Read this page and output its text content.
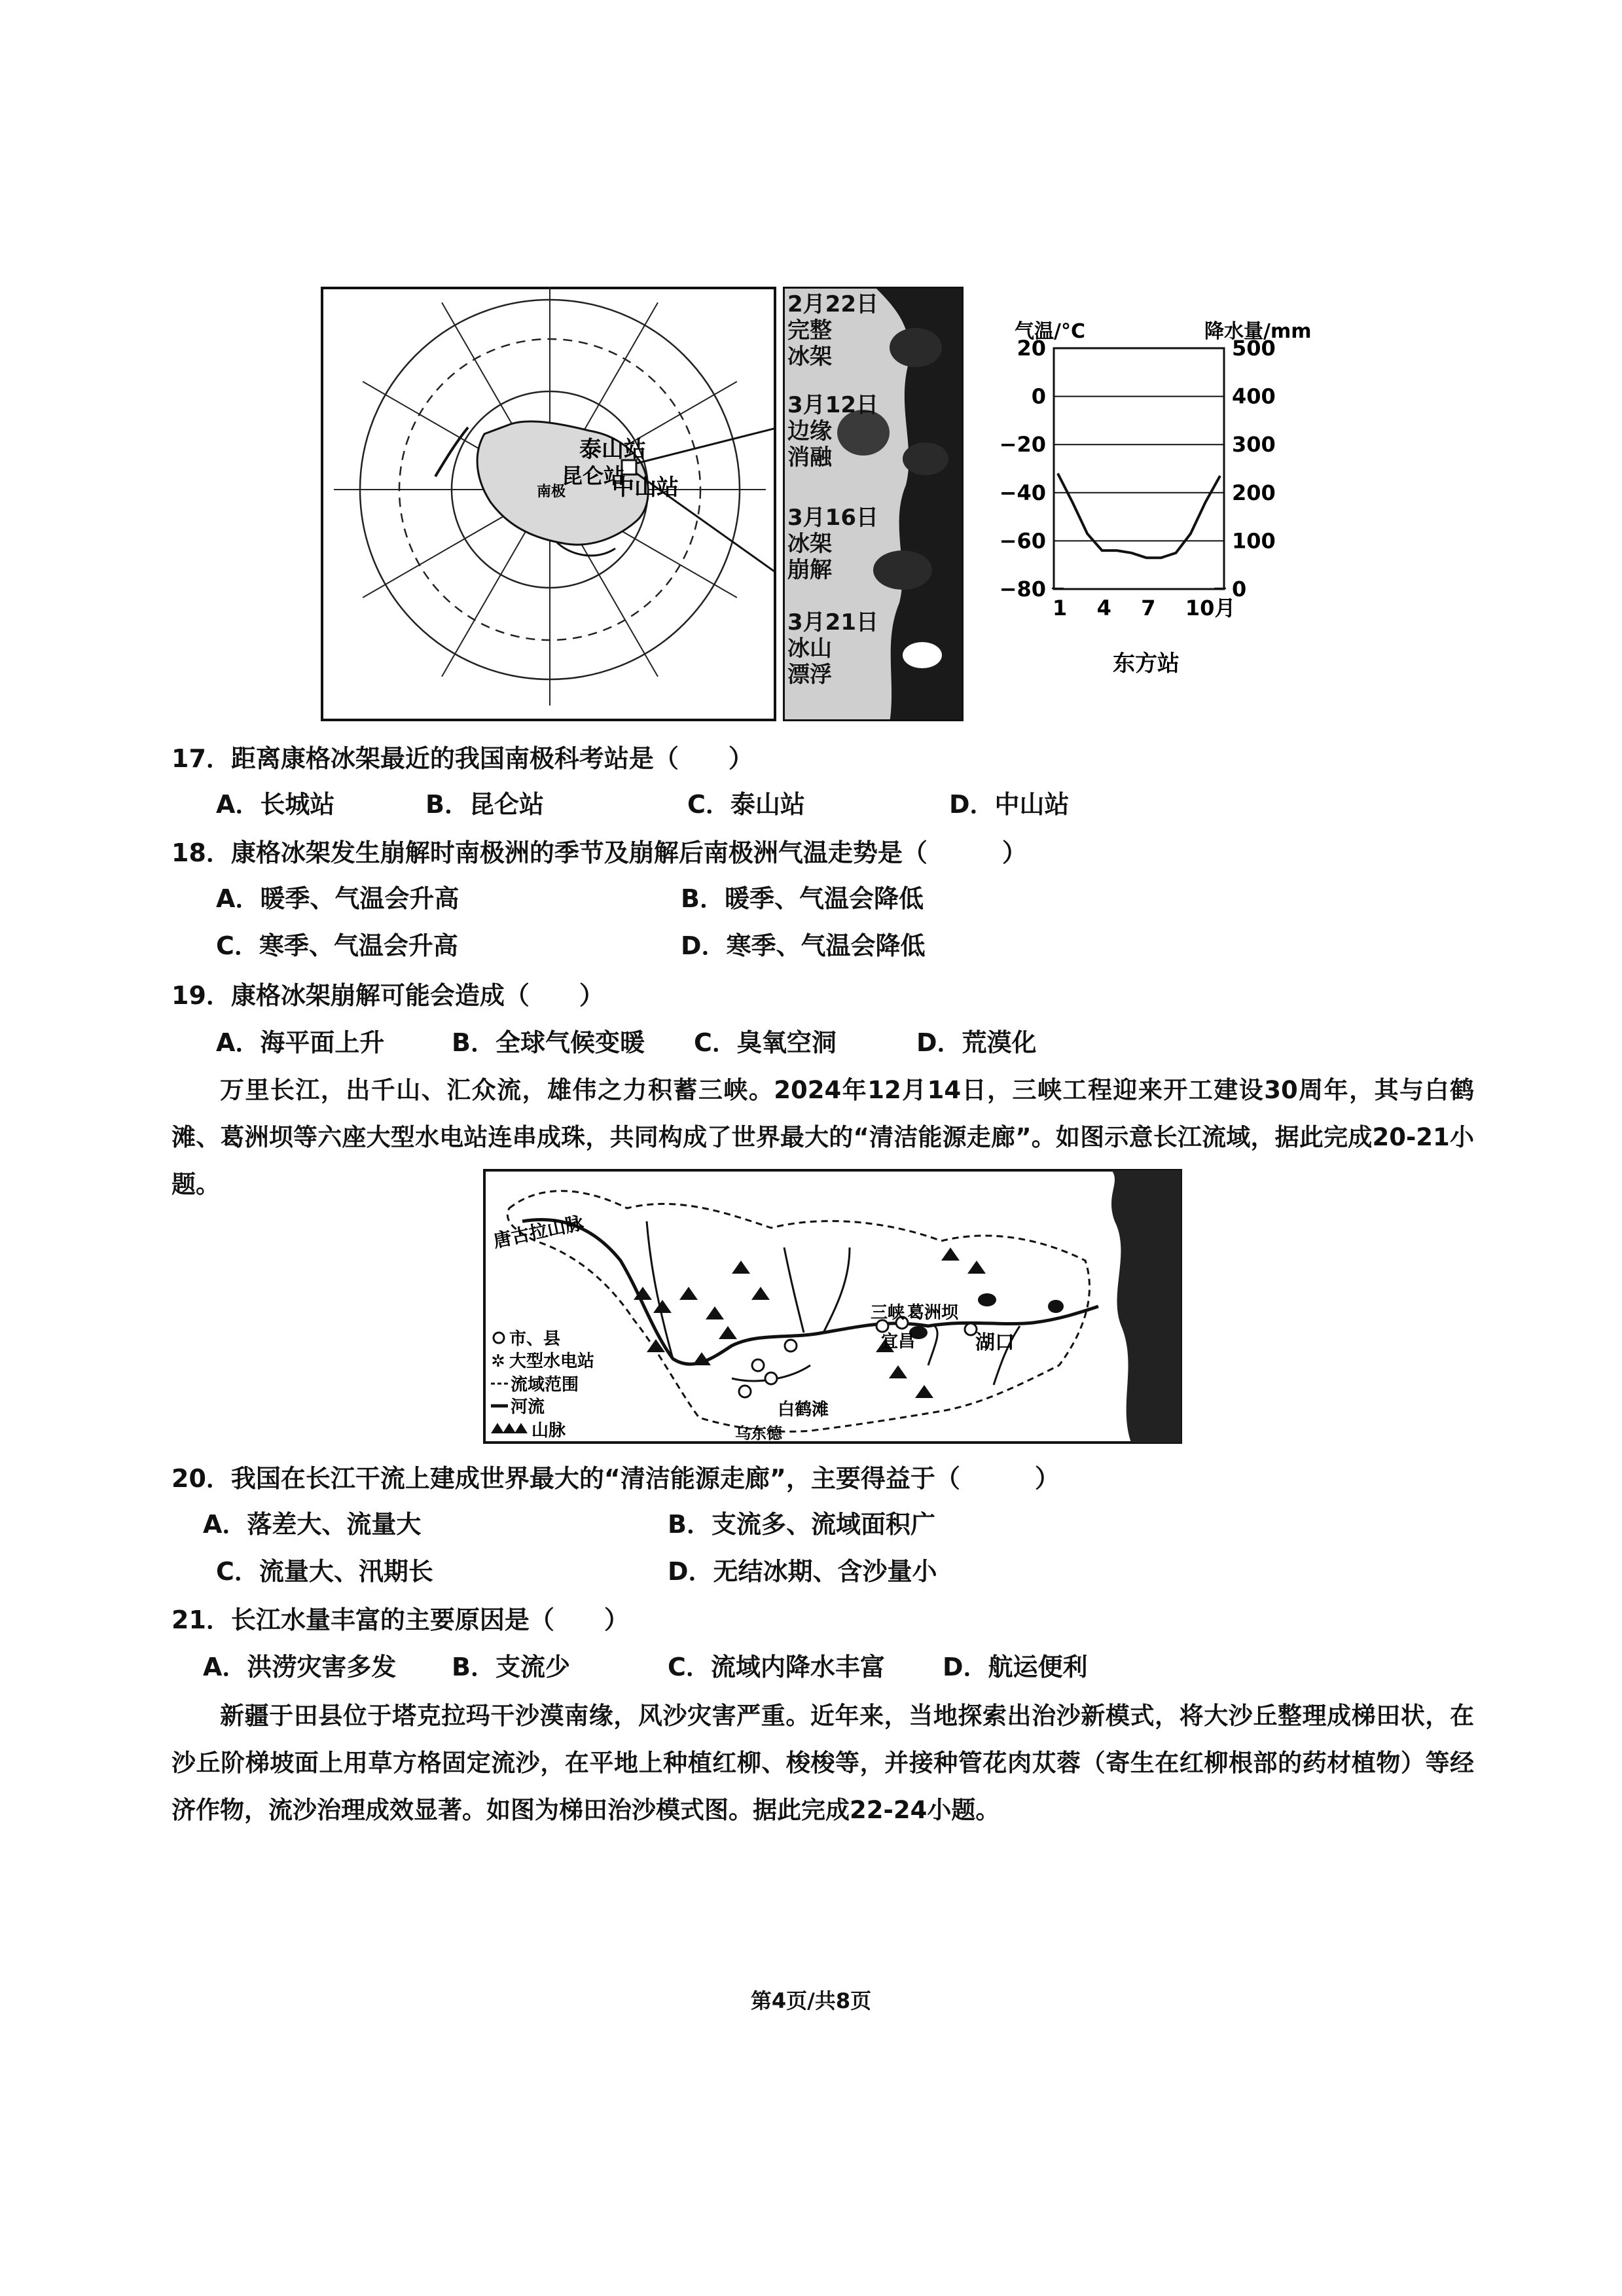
南极
泰山站
中山站
昆仑站
2月22日
完整冰架
3月12日
边缘消融
3月16日
冰架崩解
3月21日
冰山漂浮
气温/°C	降水量/mm
20
0
−20
−40
−60
−80
500
400
300
200
100
0
1 4 7 10月
东方站
17．距离康格冰架最近的我国南极科考站是（　　）
A．长城站	B．昆仑站	C．泰山站	D．中山站
18．康格冰架发生崩解时南极洲的季节及崩解后南极洲气温走势是（　　　）
A．暖季、气温会升高	B．暖季、气温会降低
C．寒季、气温会升高	D．寒季、气温会降低
19．康格冰架崩解可能会造成（　　）
A．海平面上升	B．全球气候变暖 C．臭氧空洞	D．荒漠化

万里长江，出千山、汇众流，雄伟之力积蓄三峡。2024年12月14日，三峡工程迎来开工建设30周年，其与白鹤滩、葛洲坝等六座大型水电站连串成珠，共同构成了世界最大的“清洁能源走廊”。如图示意长江流域，据此完成20-21小题。

唐古拉山脉
三峡 葛洲坝
宜昌	湖口
白鹤滩
乌东德
市、县
✲ 大型水电站
流域范围
河流
山脉
20．我国在长江干流上建成世界最大的“清洁能源走廊”，主要得益于（　　　）
A．落差大、流量大	B．支流多、流域面积广
C．流量大、汛期长	D．无结冰期、含沙量小
21．长江水量丰富的主要原因是（　　）
A．洪涝灾害多发 B．支流少	C．流域内降水丰富 D．航运便利

新疆于田县位于塔克拉玛干沙漠南缘，风沙灾害严重。近年来，当地探索出治沙新模式，将大沙丘整理成梯田状，在沙丘阶梯坡面上用草方格固定流沙，在平地上种植红柳、梭梭等，并接种管花肉苁蓉（寄生在红柳根部的药材植物）等经济作物，流沙治理成效显著。如图为梯田治沙模式图。据此完成22-24小题。

第4页/共8页
